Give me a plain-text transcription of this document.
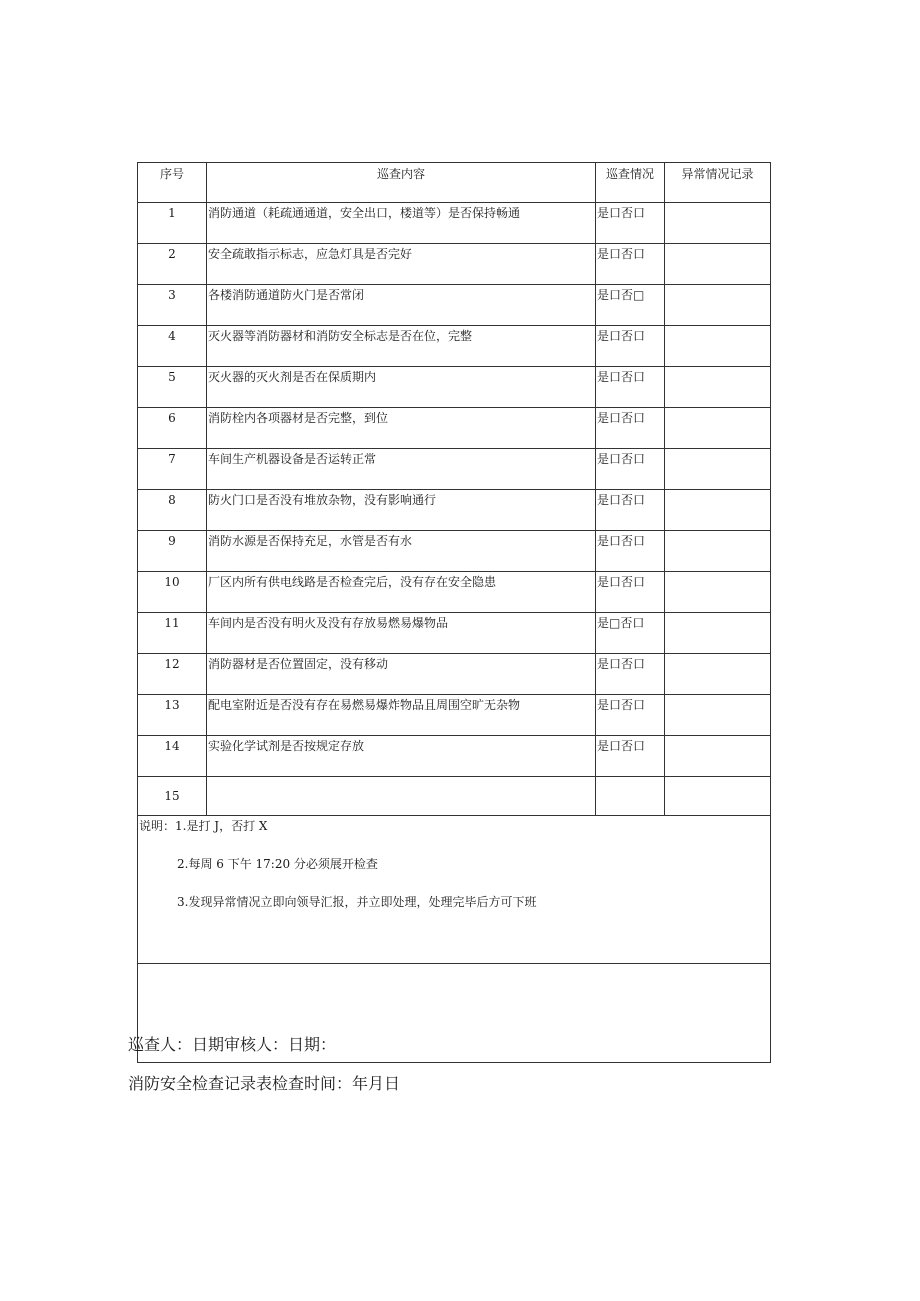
序号	巡查内容	巡查情况	异常情况记录
1	消防通道（耗疏通通道，安全出口，楼道等）是否保持畅通	是口否口	
2	安全疏敢指示标志，应急灯具是否完好	是口否口	
3	各楼消防通道防火门是否常闭	是口否□	
4	灭火器等消防器材和消防安全标志是否在位，完整	是口否口	
5	灭火器的灭火剂是否在保质期内	是口否口	
6	消防栓内各项器材是否完整，到位	是口否口	
7	车间生产机器设备是否运转正常	是口否口	
8	防火门口是否没有堆放杂物，没有影响通行	是口否口	
9	消防水源是否保持充足，水管是否有水	是口否口	
10	厂区内所有供电线路是否检查完后，没有存在安全隐患	是口否口	
11	车间内是否没有明火及没有存放易燃易爆物品	是□否口	
12	消防器材是否位置固定，没有移动	是口否口	
13	配电室附近是否没有存在易燃易爆炸物品且周围空旷无杂物	是口否口	
14	实验化学试剂是否按规定存放	是口否口	
15			

说明：1.是打 J，否打 X
2.每周 6 下午 17:20 分必须展开检查
3.发现异常情况立即向领导汇报，并立即处理，处理完毕后方可下班			

巡查人：日期审核人：日期：
消防安全检查记录表检查时间：年月日
